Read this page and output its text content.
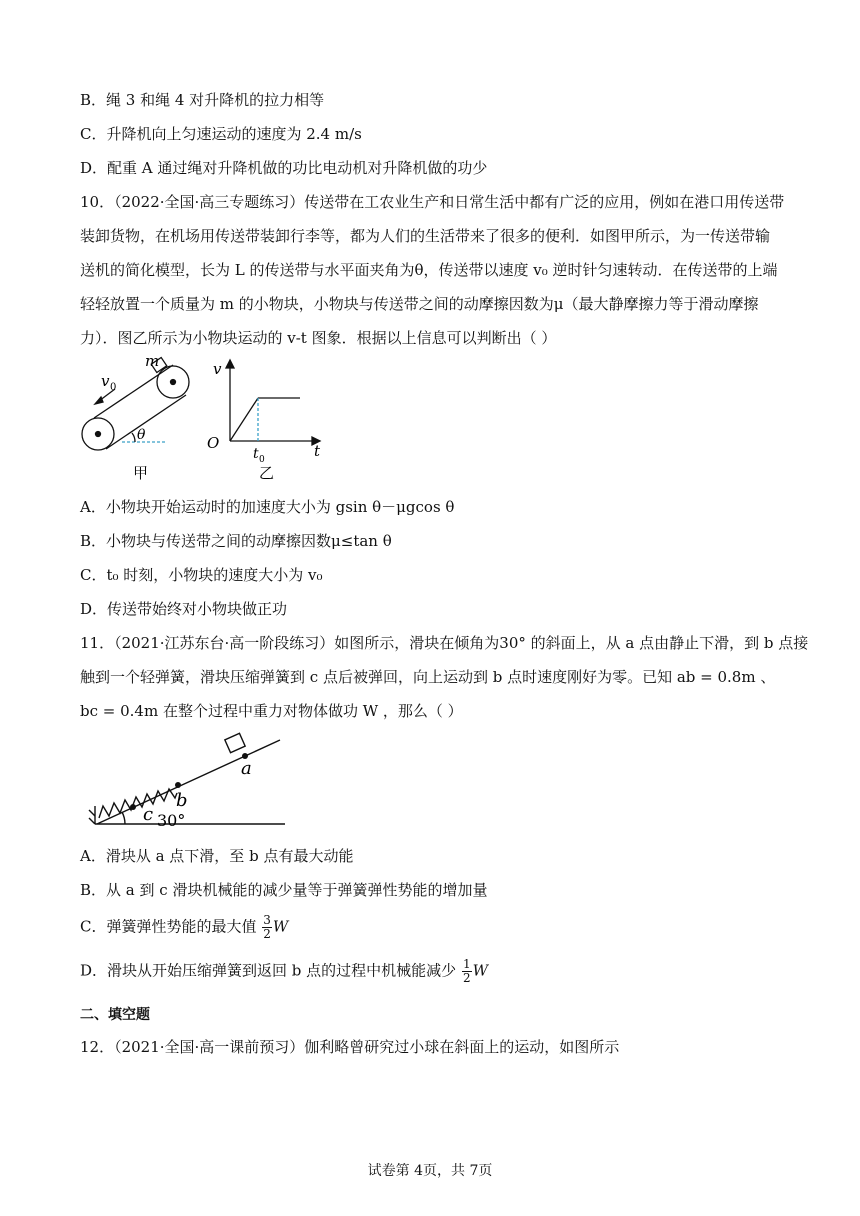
B．绳 3 和绳 4 对升降机的拉力相等
C．升降机向上匀速运动的速度为 2.4 m/s
D．配重 A 通过绳对升降机做的功比电动机对升降机做的功少
10．（2022·全国·高三专题练习）传送带在工农业生产和日常生活中都有广泛的应用，例如在港口用传送带
装卸货物，在机场用传送带装卸行李等，都为人们的生活带来了很多的便利．如图甲所示，为一传送带输
送机的简化模型，长为 L 的传送带与水平面夹角为θ，传送带以速度 v₀ 逆时针匀速转动．在传送带的上端
轻轻放置一个质量为 m 的小物块，小物块与传送带之间的动摩擦因数为μ（最大静摩擦力等于滑动摩擦
力）．图乙所示为小物块运动的 v-t 图象．根据以上信息可以判断出（ ）
m
v 0
θ
甲
v
O
t 0	t
乙
A．小物块开始运动时的加速度大小为 gsin θ－μgcos θ
B．小物块与传送带之间的动摩擦因数μ≤tan θ
C．t₀ 时刻，小物块的速度大小为 v₀
D．传送带始终对小物块做正功
11．（2021·江苏东台·高一阶段练习）如图所示，滑块在倾角为30° 的斜面上，从 a 点由静止下滑，到 b 点接
触到一个轻弹簧，滑块压缩弹簧到 c 点后被弹回，向上运动到 b 点时速度刚好为零。已知 ab = 0.8m 、
bc = 0.4m 在整个过程中重力对物体做功 W ，那么（ ）
a
b
c 30°
A．滑块从 a 点下滑，至 b 点有最大动能
B．从 a 到 c 滑块机械能的减少量等于弹簧弹性势能的增加量
C．弹簧弹性势能的最大值 $\frac{3}{2}$ W
D．滑块从开始压缩弹簧到返回 b 点的过程中机械能减少 $\frac{1}{2}$ W
二、填空题
12．（2021·全国·高一课前预习）伽利略曾研究过小球在斜面上的运动，如图所示
试卷第 4页，共 7页
